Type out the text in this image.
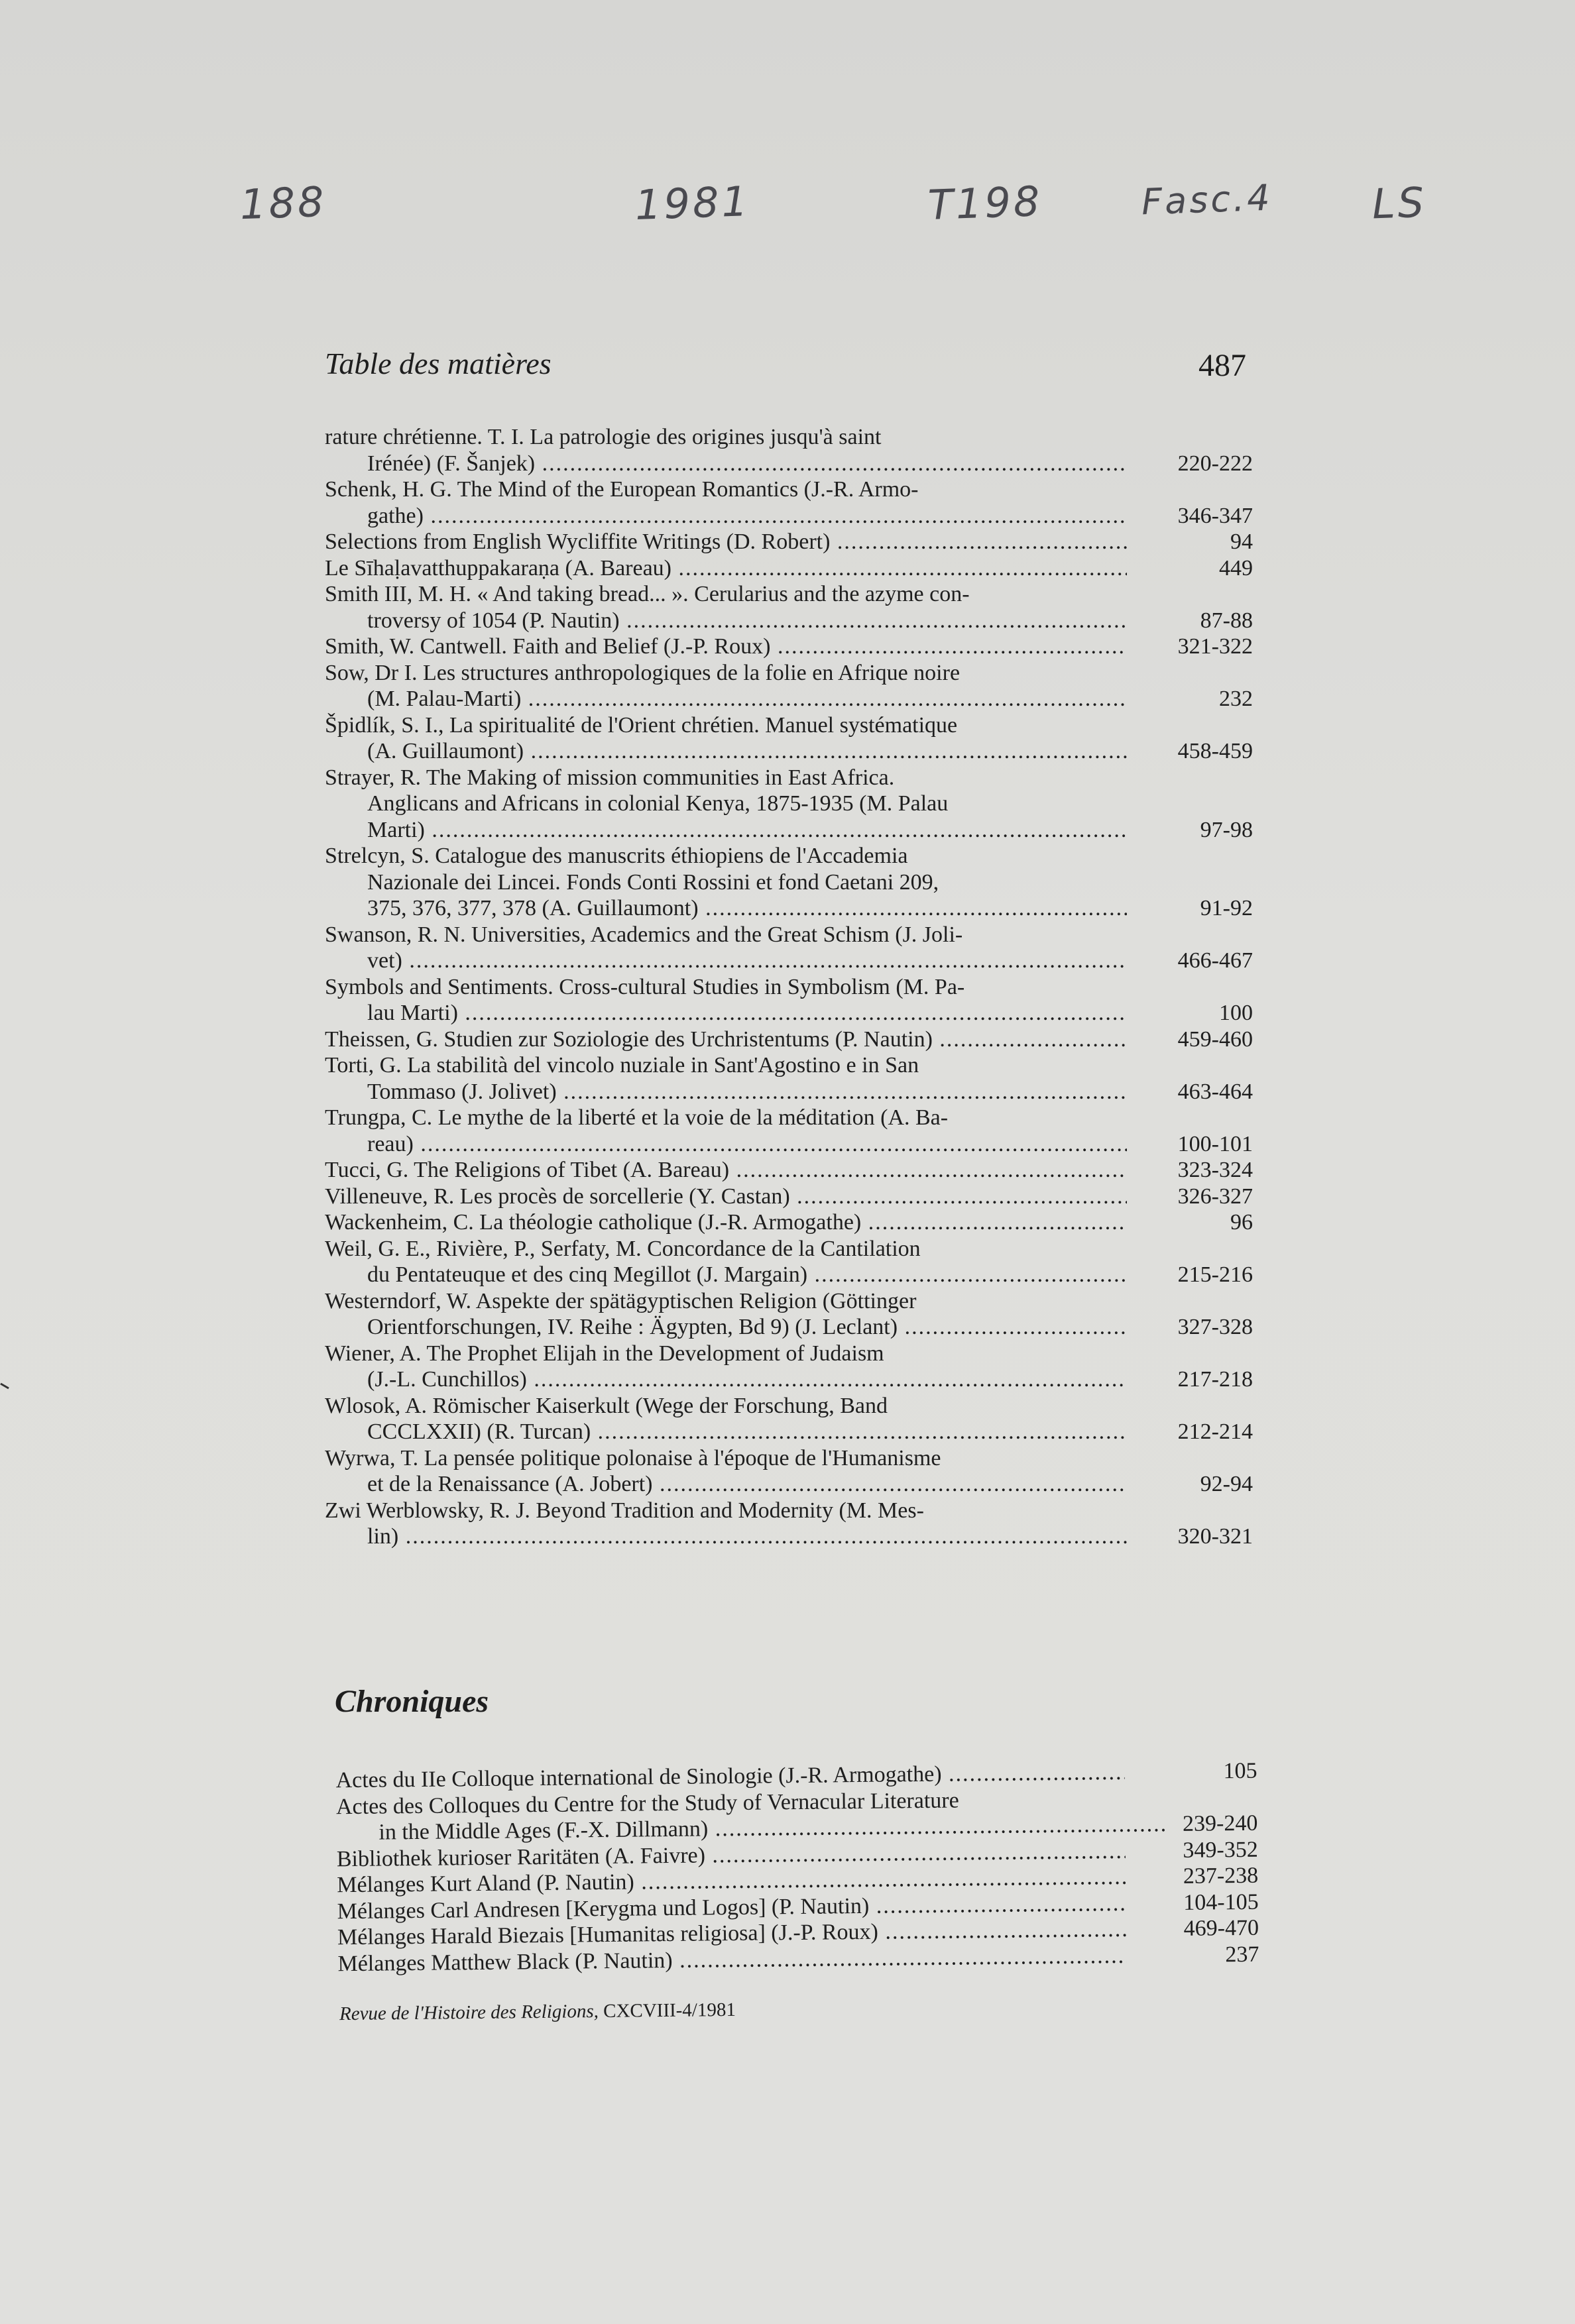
188	1981	T198	Fasc.4 LS
Table des matières	487
rature chrétienne. T. I. La patrologie des origines jusqu'à saint
Irénée) (F. Šanjek) .....	220-222
Schenk, H. G. The Mind of the European Romantics (J.-R. Armo-
gathe) .....	346-347
Selections from English Wycliffite Writings (D. Robert) .....	94
Le Sīhaḷavatthuppakaraṇa (A. Bareau) .....	449
Smith III, M. H. « And taking bread... ». Cerularius and the azyme con-
troversy of 1054 (P. Nautin) .....	87-88
Smith, W. Cantwell. Faith and Belief (J.-P. Roux) .....	321-322
Sow, Dr I. Les structures anthropologiques de la folie en Afrique noire
(M. Palau-Marti) .....	232
Špidlík, S. I., La spiritualité de l'Orient chrétien. Manuel systématique
(A. Guillaumont) .....	458-459
Strayer, R. The Making of mission communities in East Africa.
Anglicans and Africans in colonial Kenya, 1875-1935 (M. Palau
Marti) .....	97-98
Strelcyn, S. Catalogue des manuscrits éthiopiens de l'Accademia
Nazionale dei Lincei. Fonds Conti Rossini et fond Caetani 209,
375, 376, 377, 378 (A. Guillaumont) .....	91-92
Swanson, R. N. Universities, Academics and the Great Schism (J. Joli-
vet) .....	466-467
Symbols and Sentiments. Cross-cultural Studies in Symbolism (M. Pa-
lau Marti) .....	100
Theissen, G. Studien zur Soziologie des Urchristentums (P. Nautin) .....	459-460
Torti, G. La stabilità del vincolo nuziale in Sant'Agostino e in San
Tommaso (J. Jolivet) .....	463-464
Trungpa, C. Le mythe de la liberté et la voie de la méditation (A. Ba-
reau) .....	100-101
Tucci, G. The Religions of Tibet (A. Bareau) .....	323-324
Villeneuve, R. Les procès de sorcellerie (Y. Castan) .....	326-327
Wackenheim, C. La théologie catholique (J.-R. Armogathe) .....	96
Weil, G. E., Rivière, P., Serfaty, M. Concordance de la Cantilation
du Pentateuque et des cinq Megillot (J. Margain) .....	215-216
Westerndorf, W. Aspekte der spätägyptischen Religion (Göttinger
Orientforschungen, IV. Reihe : Ägypten, Bd 9) (J. Leclant) .....	327-328
Wiener, A. The Prophet Elijah in the Development of Judaism
(J.-L. Cunchillos) .....	217-218
Wlosok, A. Römischer Kaiserkult (Wege der Forschung, Band
CCCLXXII) (R. Turcan) .....	212-214
Wyrwa, T. La pensée politique polonaise à l'époque de l'Humanisme
et de la Renaissance (A. Jobert) .....	92-94
Zwi Werblowsky, R. J. Beyond Tradition and Modernity (M. Mes-
lin) .....	320-321
Chroniques
Actes du IIe Colloque international de Sinologie (J.-R. Armogathe) .....	105
Actes des Colloques du Centre for the Study of Vernacular Literature
in the Middle Ages (F.-X. Dillmann) .....	239-240
Bibliothek kurioser Raritäten (A. Faivre) .....	349-352
Mélanges Kurt Aland (P. Nautin) .....	237-238
Mélanges Carl Andresen [Kerygma und Logos] (P. Nautin) .....	104-105
Mélanges Harald Biezais [Humanitas religiosa] (J.-P. Roux) .....	469-470
Mélanges Matthew Black (P. Nautin) .....	237
Revue de l'Histoire des Religions, CXCVIII-4/1981
